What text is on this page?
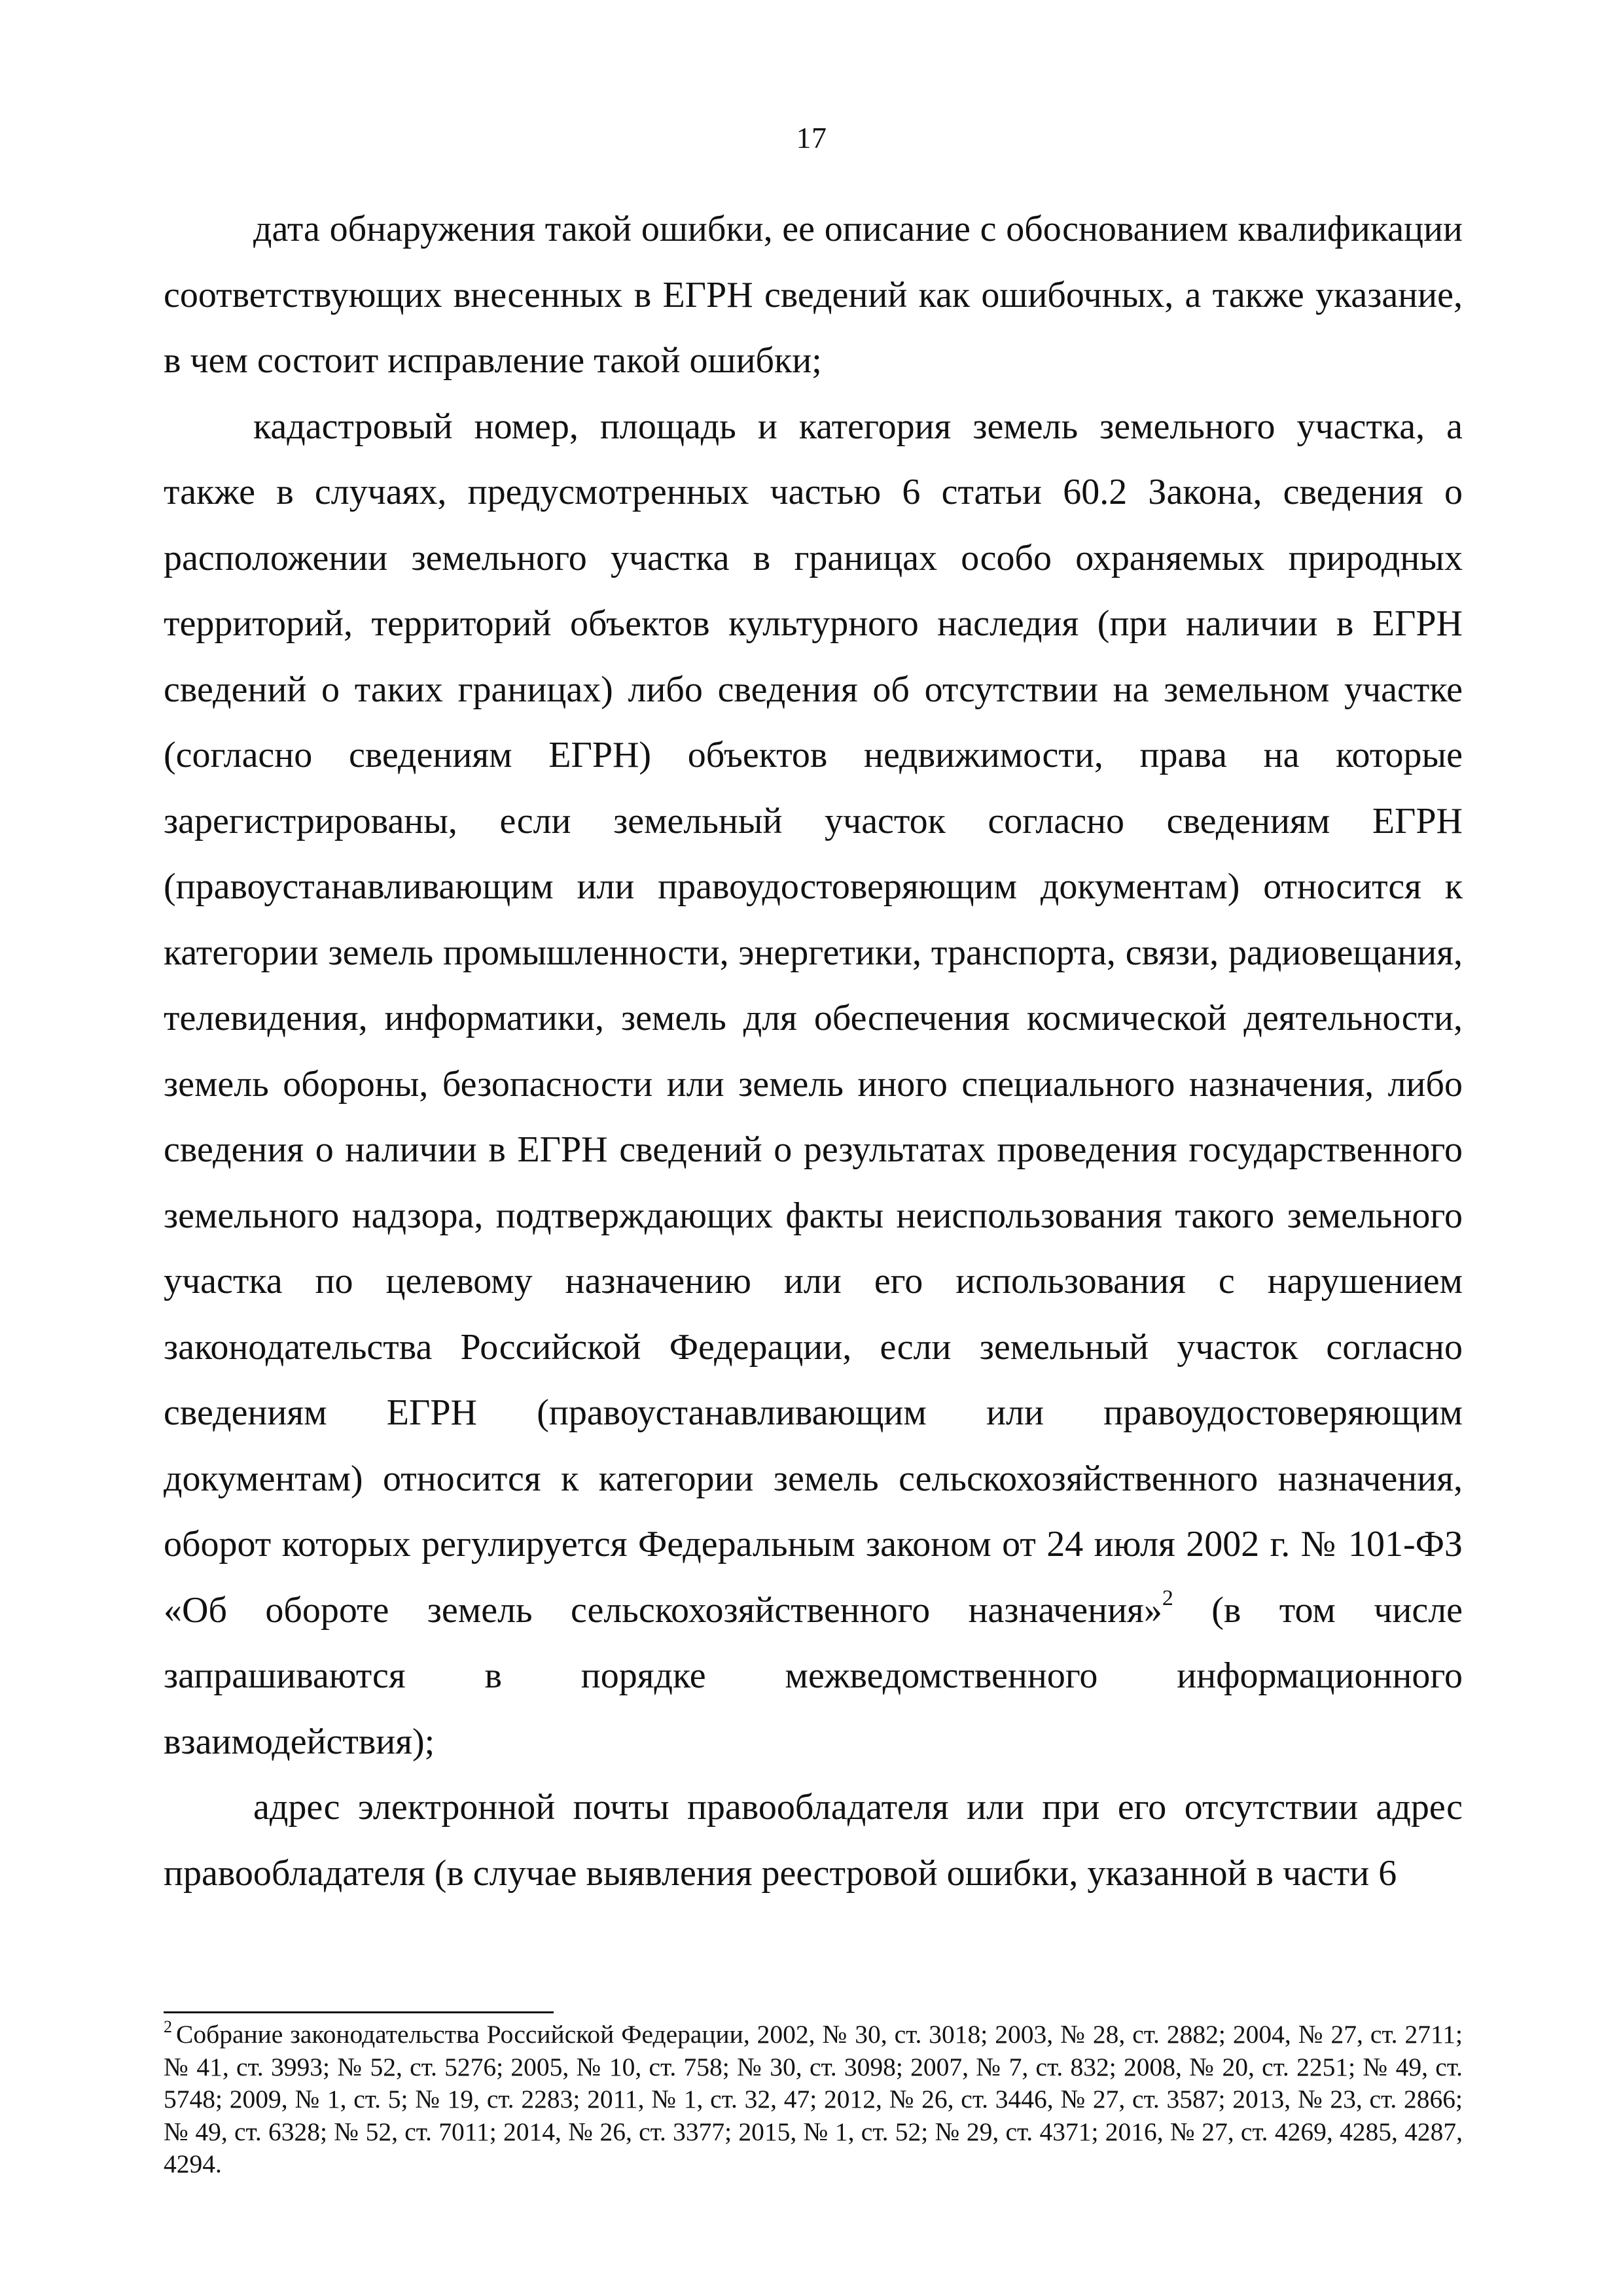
17

дата обнаружения такой ошибки, ее описание с обоснованием квалификации соответствующих внесенных в ЕГРН сведений как ошибочных, а также указание, в чем состоит исправление такой ошибки;

кадастровый номер, площадь и категория земель земельного участка, а также в случаях, предусмотренных частью 6 статьи 60.2 Закона, сведения о расположении земельного участка в границах особо охраняемых природных территорий, территорий объектов культурного наследия (при наличии в ЕГРН сведений о таких границах) либо сведения об отсутствии на земельном участке (согласно сведениям ЕГРН) объектов недвижимости, права на которые зарегистрированы, если земельный участок согласно сведениям ЕГРН (правоустанавливающим или правоудостоверяющим документам) относится к категории земель промышленности, энергетики, транспорта, связи, радиовещания, телевидения, информатики, земель для обеспечения космической деятельности, земель обороны, безопасности или земель иного специального назначения, либо сведения о наличии в ЕГРН сведений о результатах проведения государственного земельного надзора, подтверждающих факты неиспользования такого земельного участка по целевому назначению или его использования с нарушением законодательства Российской Федерации, если земельный участок согласно сведениям ЕГРН (правоустанавливающим или правоудостоверяющим документам) относится к категории земель сельскохозяйственного назначения, оборот которых регулируется Федеральным законом от 24 июля 2002 г. № 101-ФЗ «Об обороте земель сельскохозяйственного назначения»$^2$ (в том числе запрашиваются в порядке межведомственного информационного взаимодействия);

адрес электронной почты правообладателя или при его отсутствии адрес правообладателя (в случае выявления реестровой ошибки, указанной в части 6

$^2$ Собрание законодательства Российской Федерации, 2002, № 30, ст. 3018; 2003, № 28, ст. 2882; 2004, № 27, ст. 2711; № 41, ст. 3993; № 52, ст. 5276; 2005, № 10, ст. 758; № 30, ст. 3098; 2007, № 7, ст. 832; 2008, № 20, ст. 2251; № 49, ст. 5748; 2009, № 1, ст. 5; № 19, ст. 2283; 2011, № 1, ст. 32, 47; 2012, № 26, ст. 3446, № 27, ст. 3587; 2013, № 23, ст. 2866; № 49, ст. 6328; № 52, ст. 7011; 2014, № 26, ст. 3377; 2015, № 1, ст. 52; № 29, ст. 4371; 2016, № 27, ст. 4269, 4285, 4287, 4294.
